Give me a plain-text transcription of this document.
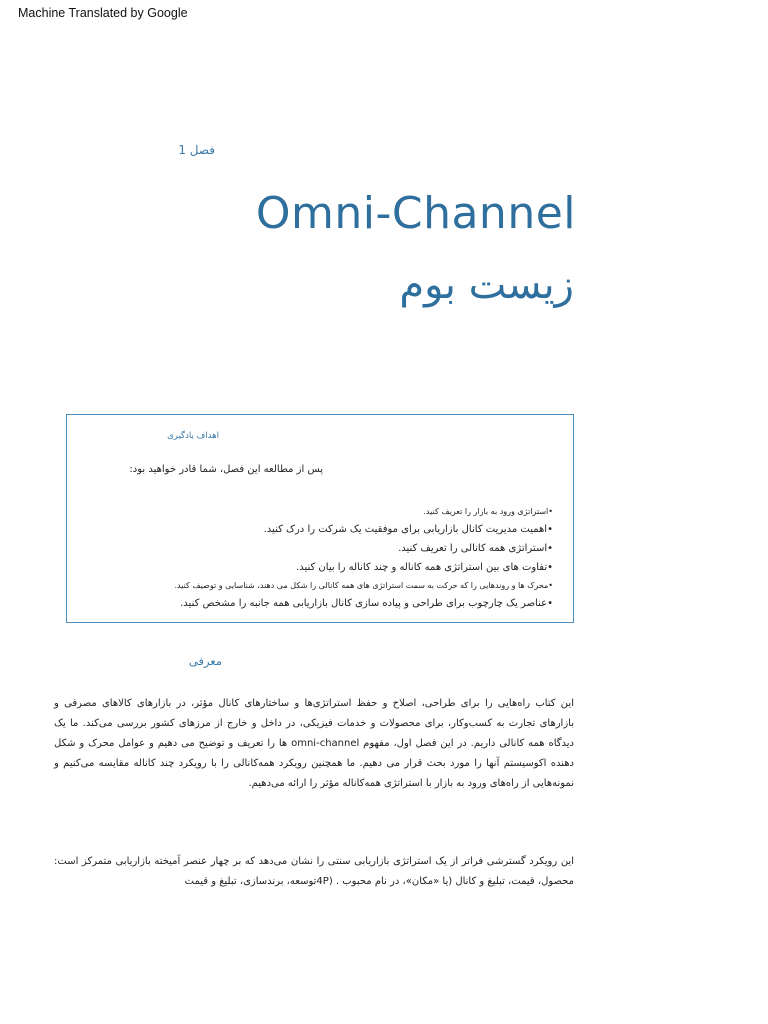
Machine Translated by Google
فصل 1
Omni-Channel
زیست بوم
اهداف یادگیری
پس از مطالعه این فصل، شما قادر خواهید بود:
•استراتژی ورود به بازار را تعریف کنید.
•اهمیت مدیریت کانال بازاریابی برای موفقیت یک شرکت را درک کنید.
•استراتژی همه کانالی را تعریف کنید.
•تفاوت های بین استراتژی همه کاناله و چند کاناله را بیان کنید.
•محرک ها و روندهایی را که حرکت به سمت استراتژی های همه کانالی را شکل می دهند، شناسایی و توصیف کنید.
•عناصر یک چارچوب برای طراحی و پیاده سازی کانال بازاریابی همه جانبه را مشخص کنید.
معرفی

این کتاب راه‌هایی را برای طراحی، اصلاح و حفظ استراتژی‌ها و ساختارهای کانال مؤثر، در بازارهای کالاهای مصرفی و بازارهای تجارت به کسب‌وکار، برای محصولات و خدمات فیزیکی، در داخل و خارج از مرزهای کشور بررسی می‌کند. ما یک دیدگاه همه کانالی داریم. در این فصل اول، مفهوم omni-channel ها را تعریف و توضیح می دهیم و عوامل محرک و شکل دهنده اکوسیستم آنها را مورد بحث قرار می دهیم. ما همچنین رویکرد همه‌کانالی را با رویکرد چند کاناله مقایسه می‌کنیم و نمونه‌هایی از راه‌های ورود به بازار با استراتژی همه‌کاناله مؤثر را ارائه می‌دهیم.

این رویکرد گسترشی فراتر از یک استراتژی بازاریابی سنتی را نشان می‌دهد که بر چهار عنصر آمیخته بازاریابی متمرکز است: محصول، قیمت، تبلیغ و کانال (یا «مکان»، در نام محبوب . (4Pتوسعه، برندسازی، تبلیغ و قیمت
